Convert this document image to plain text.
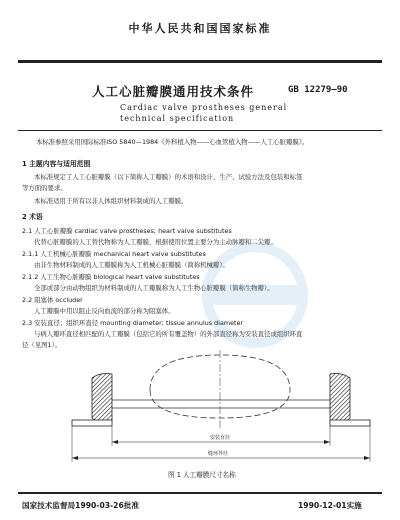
中华人民共和国国家标准
人工心脏瓣膜通用技术条件	GB 12279—90
Cardiac valve prostheses general
technical specification
本标准参照采用国际标准ISO 5840—1984《外科植入物——心血管植入物——人工心脏瓣膜》。
1 主题内容与适用范围
本标准规定了人工心脏瓣膜（以下简称人工瓣膜）的术语和设计、生产、试验方法及包装和标签
等方面的要求。
本标准适用于所有以非人体组织材料制成的人工瓣膜。
2 术语
2.1 人工心脏瓣膜 cardiac valve prostheses; heart valve substitutes
代替心脏瓣膜的人工替代物称为人工瓣膜，根据使用位置主要分为主动脉瓣和二尖瓣。
2.1.1 人工机械心脏瓣膜 mechanical heart valve substitutes
由非生物材料制成的人工瓣膜称为人工机械心脏瓣膜（简称机械瓣）。
2.1.2 人工生物心脏瓣膜 biological heart valve substitutes
全部或部分由动物组织为材料制成的人工瓣膜称为人工生物心脏瓣膜（简称生物瓣）。
2.2 阻塞体 occluder
人工瓣膜中用以阻止反向血流的部分称为阻塞体。
2.3 安装直径；组织环直径 mounting diameter; tissue annulus diameter
与病人瓣环直径相匹配的人工瓣膜（包括它的所有覆盖物）的外部直径称为安装直径或组织环直
径（见图1）。
安装直径
缝环外径
图 1 人工瓣膜尺寸名称
国家技术监督局1990-03-26批准	1990-12-01实施
